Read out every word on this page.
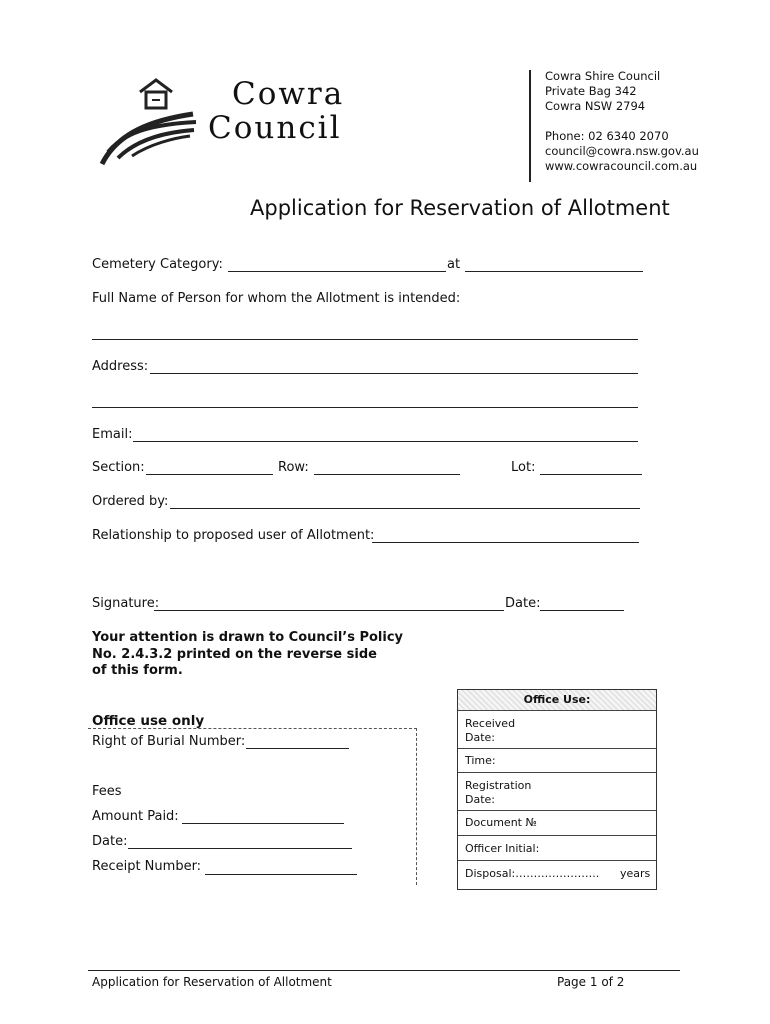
Cowra
Council
Cowra Shire Council
Private Bag 342
Cowra NSW 2794
Phone: 02 6340 2070
council@cowra.nsw.gov.au
www.cowracouncil.com.au
Application for Reservation of Allotment
Cemetery Category:	at
Full Name of Person for whom the Allotment is intended:
Address:
Email:
Section:	Row:	Lot:
Ordered by:
Relationship to proposed user of Allotment:
Signature:	Date:
Your attention is drawn to Council’s Policy
No. 2.4.3.2 printed on the reverse side
of this form.
Office use only
Right of Burial Number:
Fees
Amount Paid:
Date:
Receipt Number:
Office Use:
Received
Date:
Time:
Registration
Date:
Document №
Officer Initial:
Disposal:………………….. years
Application for Reservation of Allotment	Page 1 of 2
